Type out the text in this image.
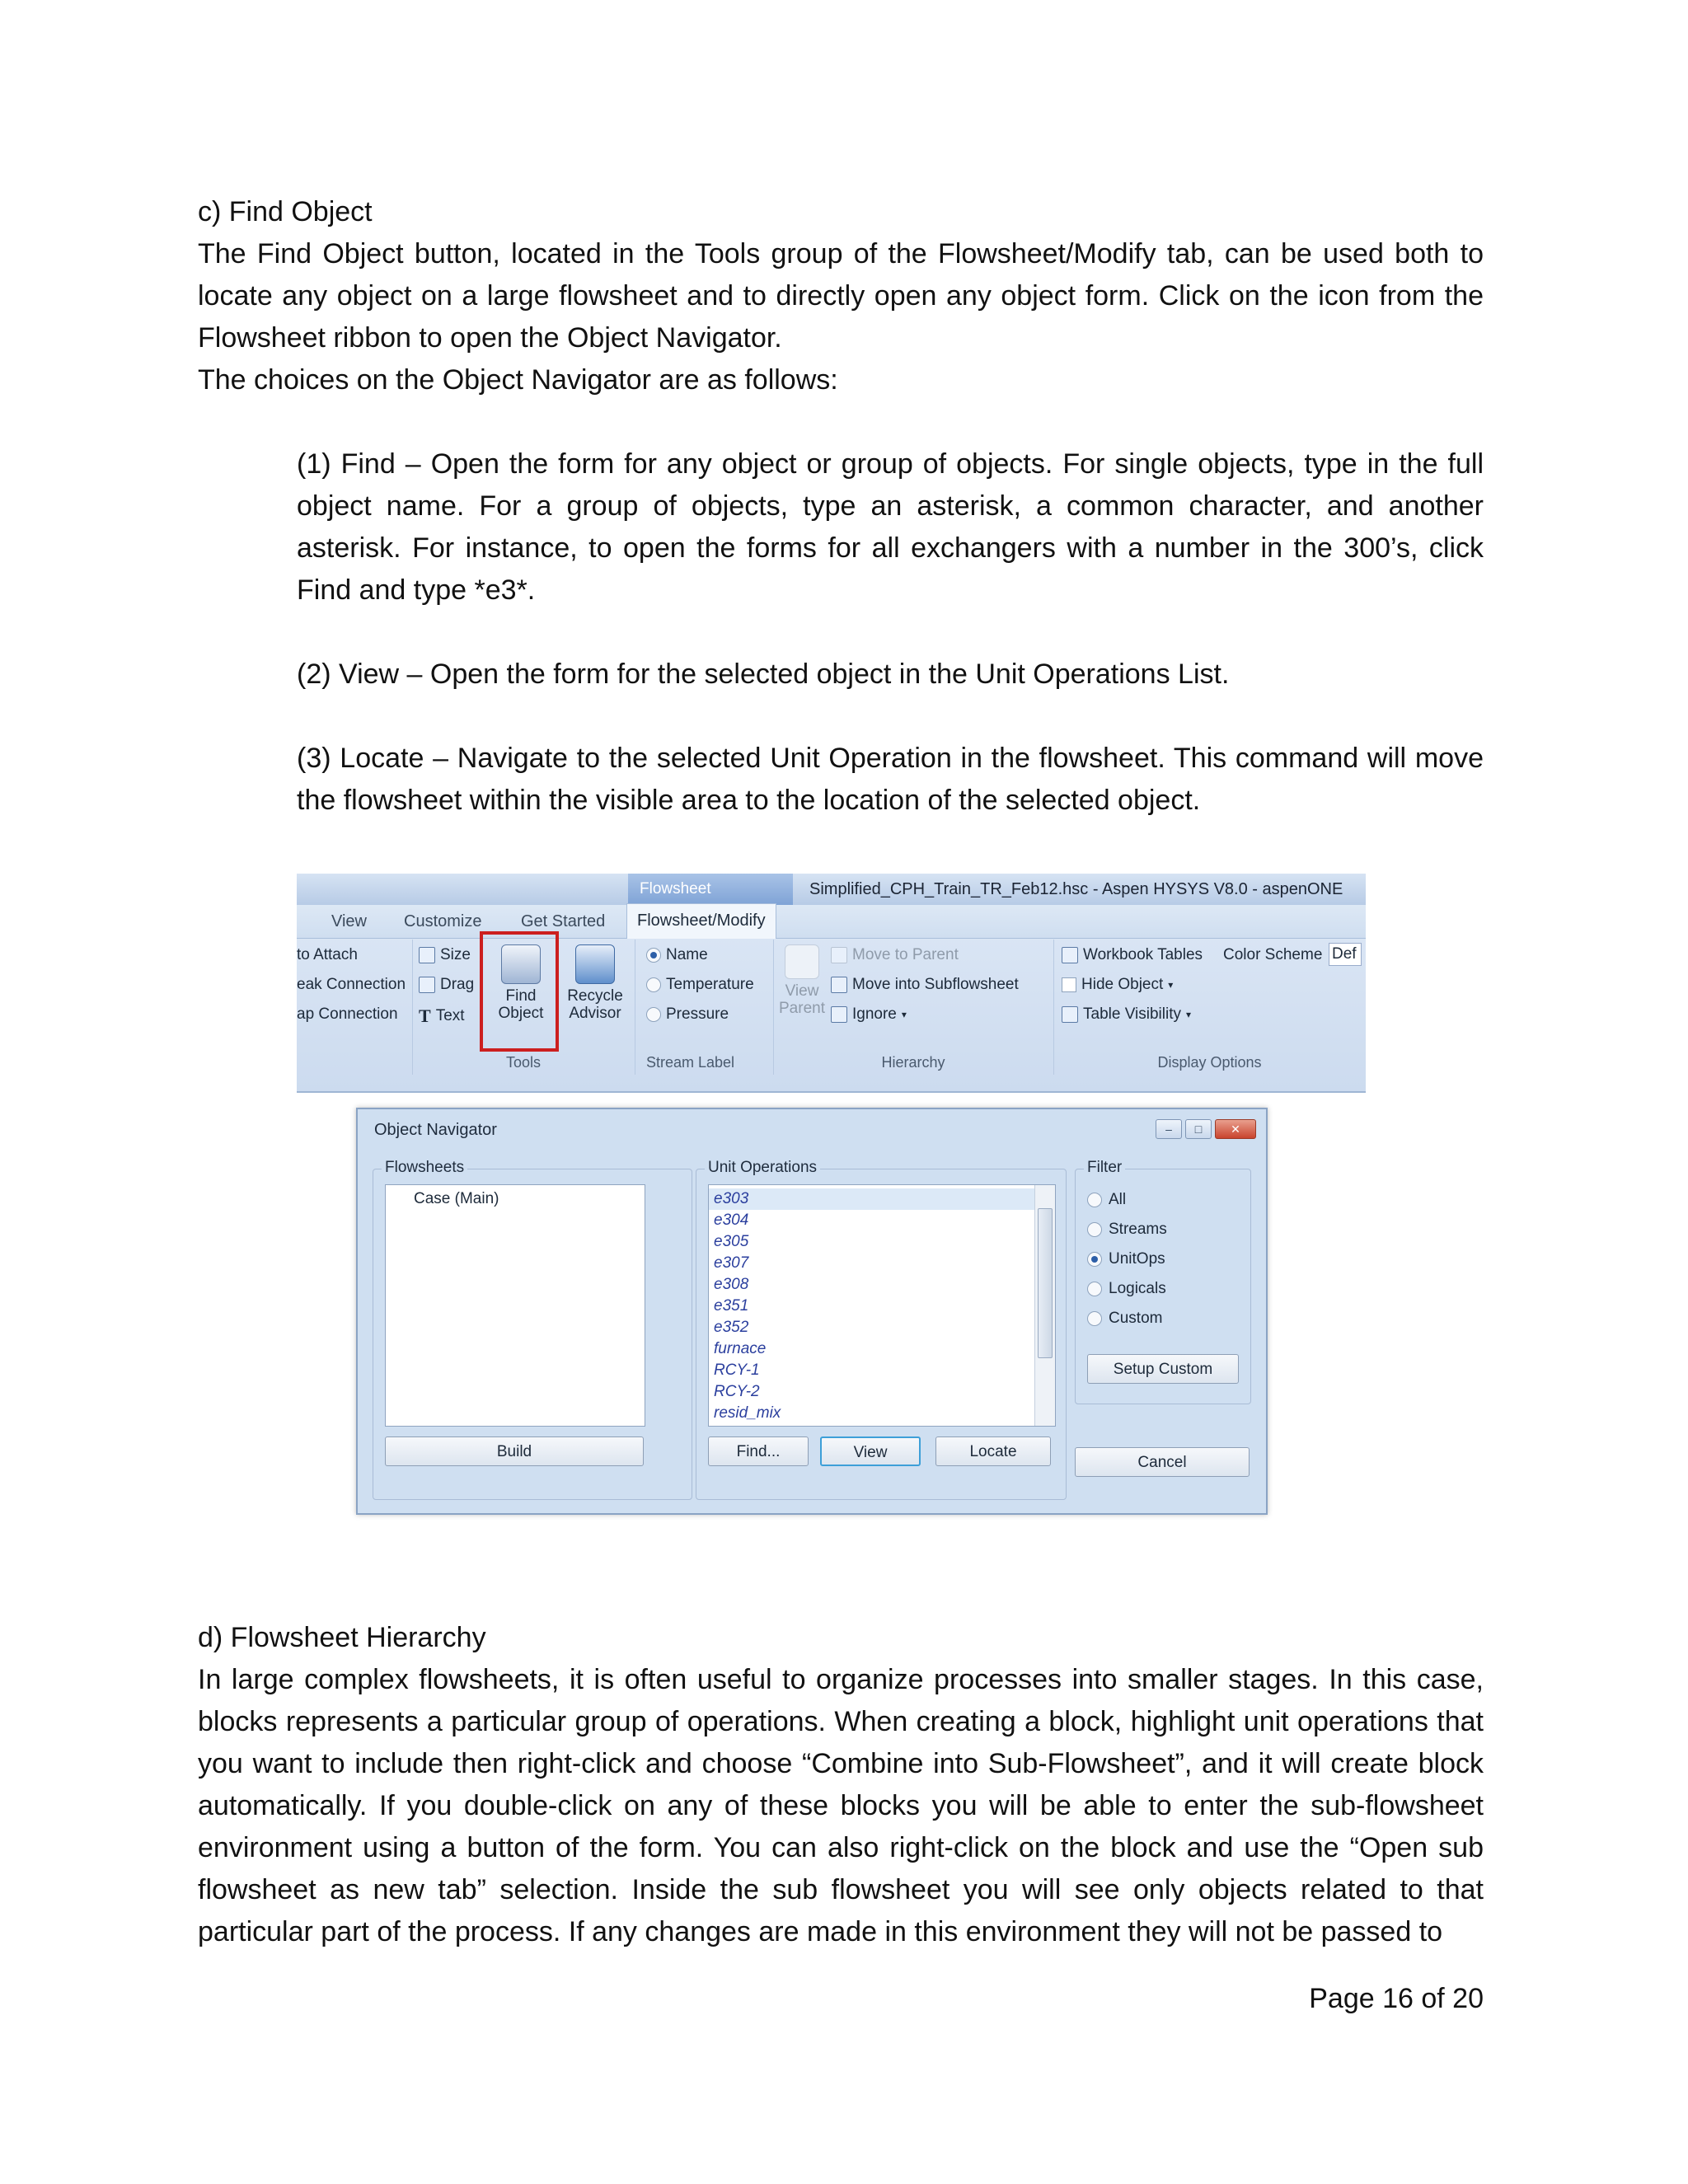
c) Find Object

The Find Object button, located in the Tools group of the Flowsheet/Modify tab, can be used both to locate any object on a large flowsheet and to directly open any object form. Click on the icon from the Flowsheet ribbon to open the Object Navigator.

The choices on the Object Navigator are as follows:

(1) Find – Open the form for any object or group of objects. For single objects, type in the full object name. For a group of objects, type an asterisk, a common character, and another asterisk. For instance, to open the forms for all exchangers with a number in the 300’s, click Find and type *e3*.

(2) View – Open the form for the selected object in the Unit Operations List.

(3) Locate – Navigate to the selected Unit Operation in the flowsheet. This command will move the flowsheet within the visible area to the location of the selected object.

Flowsheet	Simplified_CPH_Train_TR_Feb12.hsc - Aspen HYSYS V8.0 - aspenONE
View Customize Get Started	Flowsheet/Modify
to Attach
eak Connection
ap Connection
Size
Drag
T Text
Find
Object
Recycle
Advisor
Tools
Name
Temperature
Pressure
Stream Label
View
Parent
Move to Parent
Move into Subflowsheet
Ignore ▾
Hierarchy
Workbook Tables Color Scheme Def
Hide Object ▾
Table Visibility ▾
Display Options
Object Navigator	–	□	✕
Flowsheets
Case (Main)
Build
Unit Operations
e303
e304
e305
e307
e308
e351
e352
furnace
RCY-1
RCY-2
resid_mix
Find...	View	Locate
Filter
All
Streams
UnitOps
Logicals
Custom
Setup Custom
Cancel

d) Flowsheet Hierarchy

In large complex flowsheets, it is often useful to organize processes into smaller stages. In this case, blocks represents a particular group of operations. When creating a block, highlight unit operations that you want to include then right-click and choose “Combine into Sub-Flowsheet”, and it will create block automatically. If you double-click on any of these blocks you will be able to enter the sub-flowsheet environment using a button of the form. You can also right-click on the block and use the “Open sub flowsheet as new tab” selection. Inside the sub flowsheet you will see only objects related to that particular part of the process. If any changes are made in this environment they will not be passed to

Page 16 of 20
